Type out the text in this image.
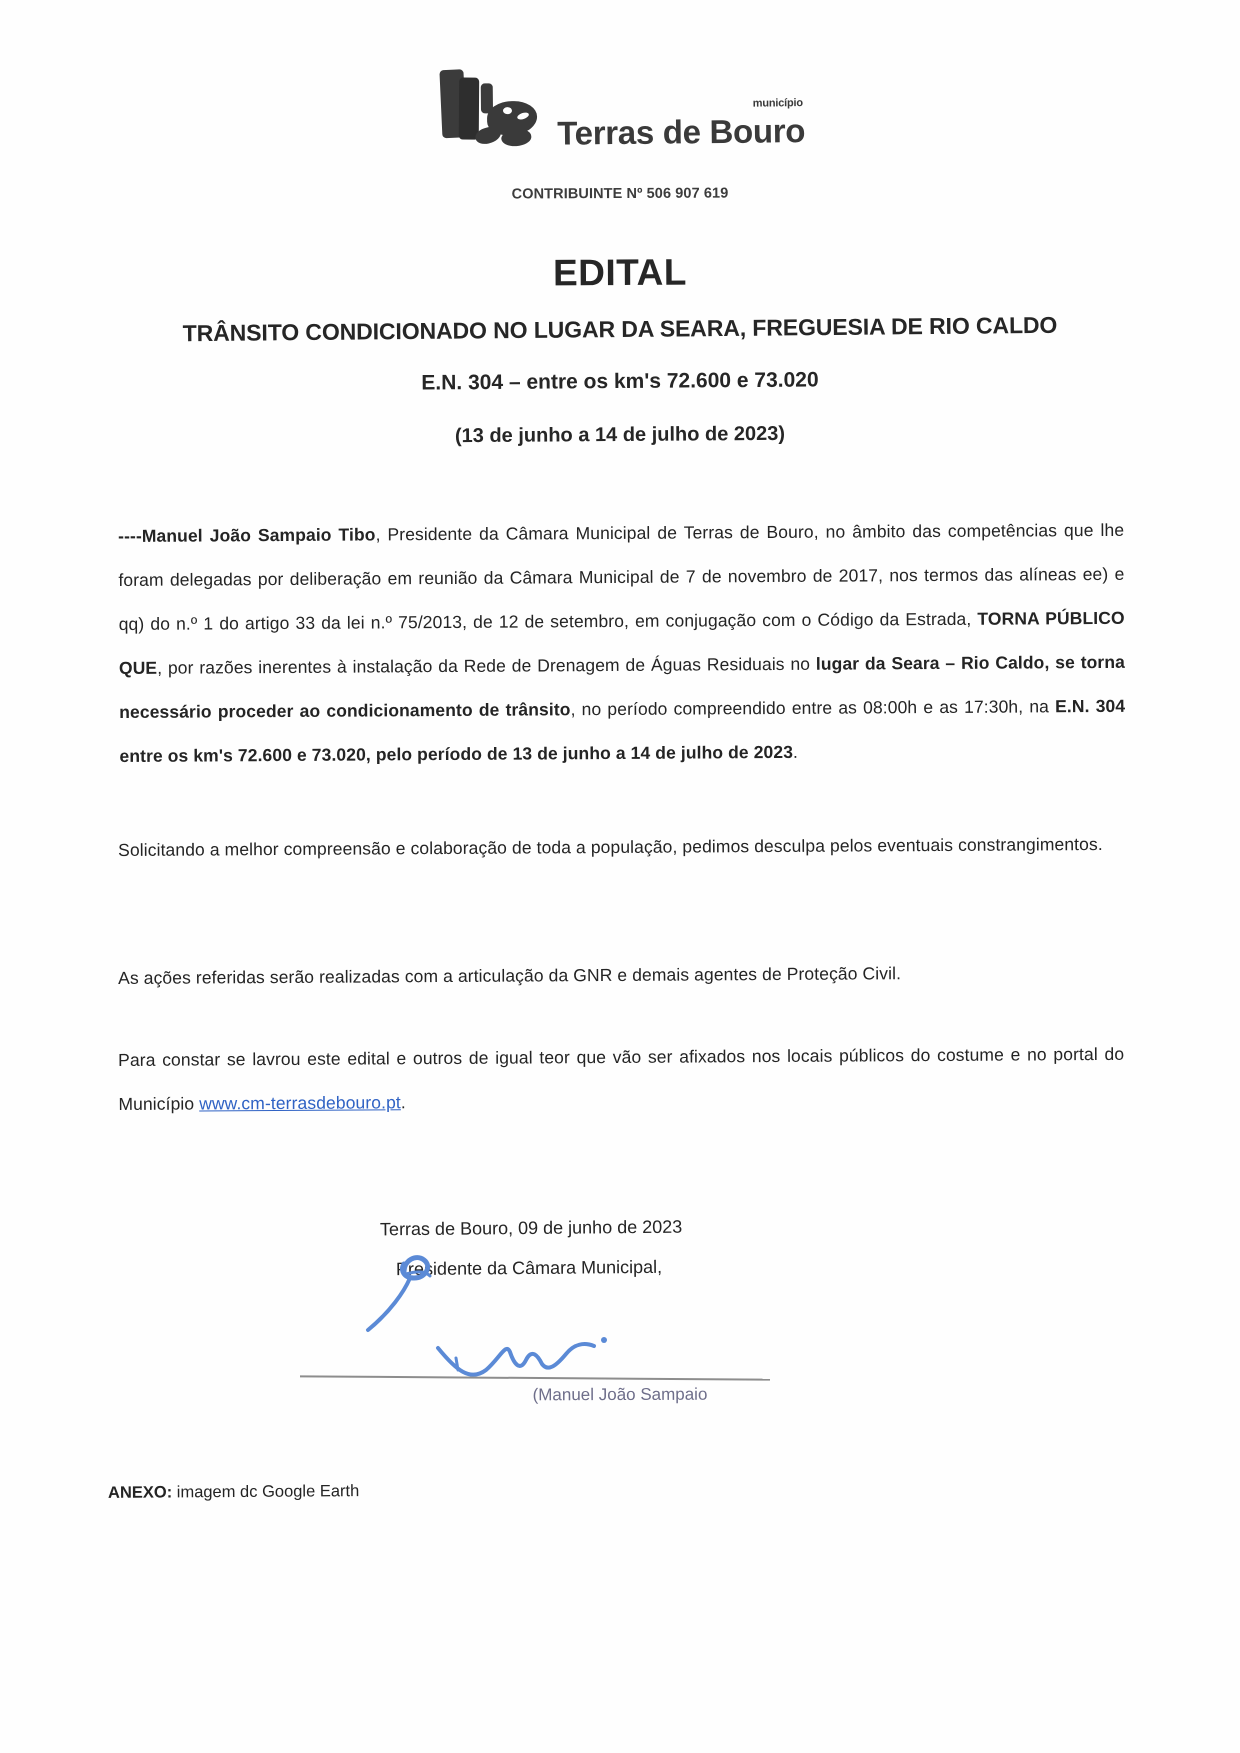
município
Terras de Bouro
CONTRIBUINTE Nº 506 907 619
EDITAL
TRÂNSITO CONDICIONADO NO LUGAR DA SEARA, FREGUESIA DE RIO CALDO
E.N. 304 – entre os km's 72.600 e 73.020
(13 de junho a 14 de julho de 2023)

----Manuel João Sampaio Tibo, Presidente da Câmara Municipal de Terras de Bouro, no âmbito das competências que lhe foram delegadas por deliberação em reunião da Câmara Municipal de 7 de novembro de 2017, nos termos das alíneas ee) e qq) do n.º 1 do artigo 33 da lei n.º 75/2013, de 12 de setembro, em conjugação com o Código da Estrada, TORNA PÚBLICO QUE, por razões inerentes à instalação da Rede de Drenagem de Águas Residuais no lugar da Seara – Rio Caldo, se torna necessário proceder ao condicionamento de trânsito, no período compreendido entre as 08:00h e as 17:30h, na E.N. 304 entre os km's 72.600 e 73.020, pelo período de 13 de junho a 14 de julho de 2023.

Solicitando a melhor compreensão e colaboração de toda a população, pedimos desculpa pelos eventuais constrangimentos.

As ações referidas serão realizadas com a articulação da GNR e demais agentes de Proteção Civil.

Para constar se lavrou este edital e outros de igual teor que vão ser afixados nos locais públicos do costume e no portal do Município www.cm-terrasdebouro.pt.

Terras de Bouro, 09 de junho de 2023
Presidente da Câmara Municipal,
(Manuel João Sampaio
ANEXO: imagem dc Google Earth
